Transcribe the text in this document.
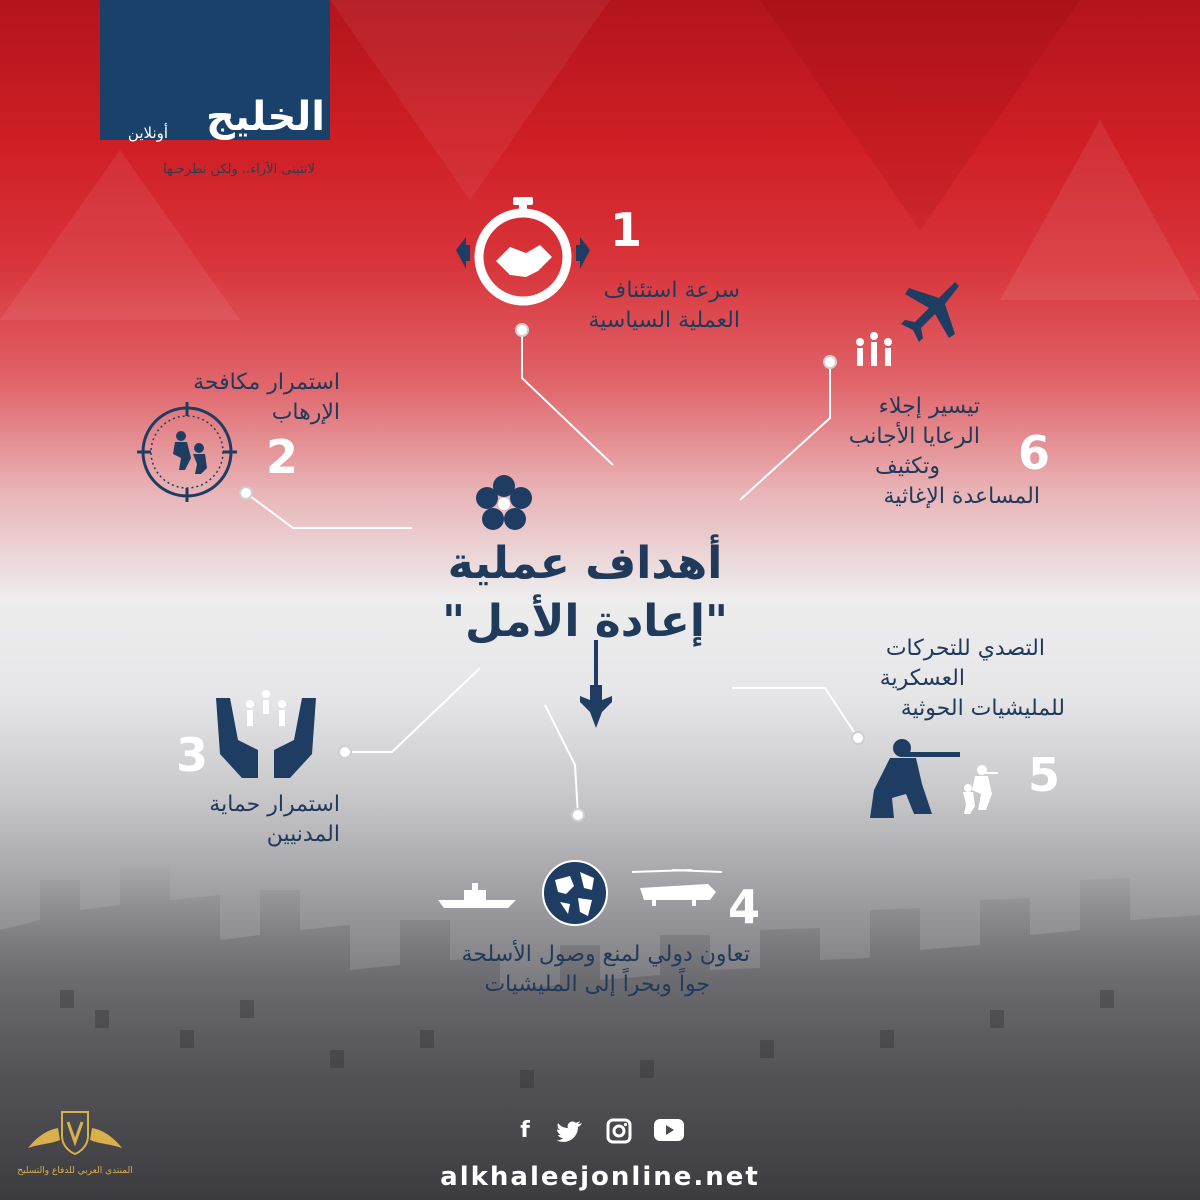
الخليج
أونلاين
لانتبنى الآراء.. ولكن نطرحـها
أهداف عملية
"إعادة الأمل"
1
سرعة استئناف
العملية السياسية
استمرار مكافحة
الإرهاب
2
3
استمرار حماية
المدنيين
4
تعاون دولي لمنع وصول الأسلحة
جواً وبحراً إلى المليشيات
التصدي للتحركات
العسكرية
للمليشيات الحوثية
5
تيسير إجلاء
الرعايا الأجانب
وتكثيف
المساعدة الإغاثية
6
f
alkhaleejonline.net
المنتدى العربي للدفاع والتسليح
